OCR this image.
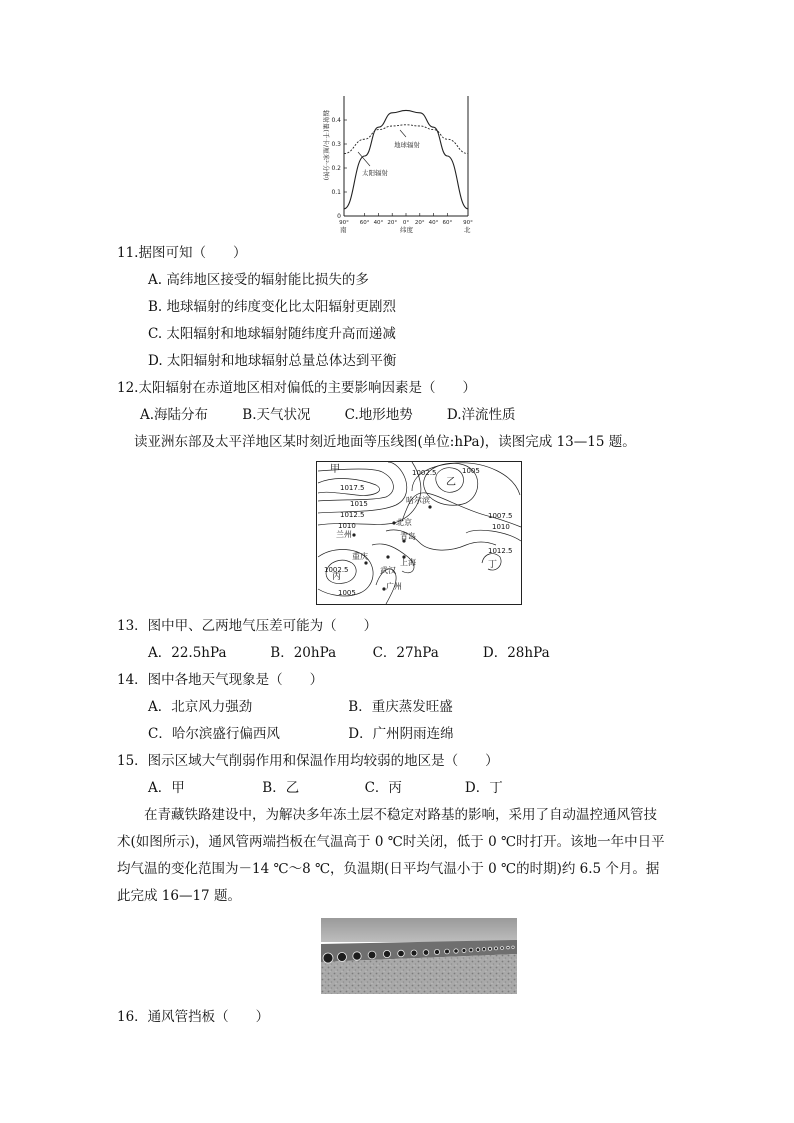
辐射量(千卡/厘米²·分钟)
0
0.1
0.2
0.3
0.4
90° 60° 40° 20° 0° 20° 40° 60° 90°
地球辐射
太阳辐射
南	纬度	北
11.据图可知（　　）
A. 高纬地区接受的辐射能比损失的多
B. 地球辐射的纬度变化比太阳辐射更剧烈
C. 太阳辐射和地球辐射随纬度升高而递减
D. 太阳辐射和地球辐射总量总体达到平衡
12.太阳辐射在赤道地区相对偏低的主要影响因素是（　　）
A.海陆分布	B.天气状况	C.地形地势	D.洋流性质
读亚洲东部及太平洋地区某时刻近地面等压线图(单位:hPa)，读图完成 13—15 题。
甲
乙
丙
丁
哈尔滨
北京
青岛
兰州
重庆
武汉
上海
广州
1017.5
1015
1012.5
1010
1002.5	1005
1007.5
1010
1012.5
1002.5
1005
13．图中甲、乙两地气压差可能为（　　）
A．22.5hPa	B．20hPa	C．27hPa	D．28hPa
14．图中各地天气现象是（　　）
A．北京风力强劲	B．重庆蒸发旺盛
C．哈尔滨盛行偏西风	D．广州阴雨连绵
15．图示区域大气削弱作用和保温作用均较弱的地区是（　　）
A．甲	B．乙	C．丙	D．丁

　　在青藏铁路建设中，为解决多年冻土层不稳定对路基的影响，采用了自动温控通风管技

术(如图所示)，通风管两端挡板在气温高于 0 ℃时关闭，低于 0 ℃时打开。该地一年中日平

均气温的变化范围为－14 ℃～8 ℃，负温期(日平均气温小于 0 ℃的时期)约 6.5 个月。据

此完成 16—17 题。

16．通风管挡板（　　）
